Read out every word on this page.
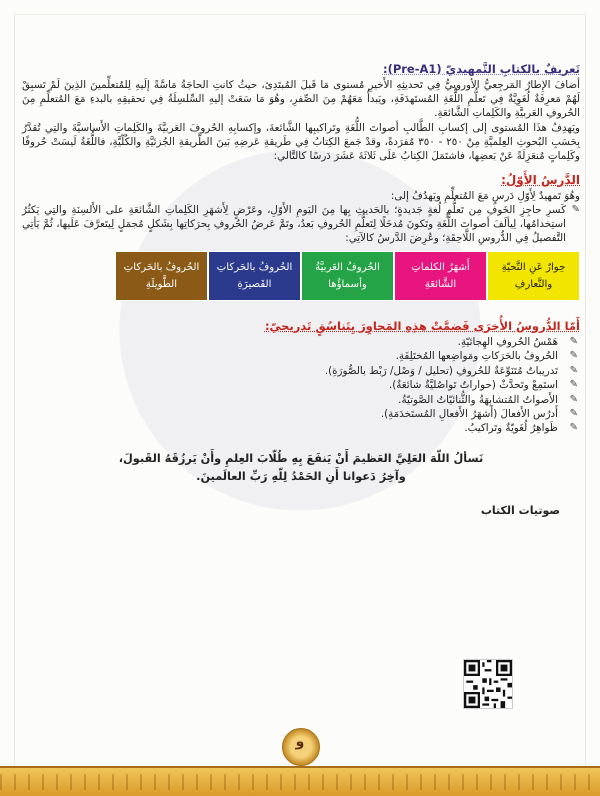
تَعريفٌ بالكتابِ التَّمهيديّ (Pre-A1):

أضافَ الإِطارُ المَرجِعيُّ الأوروبيُّ فِي تَحديثِهِ الأَخيرِ مُستوى مَا قَبلَ المُبتَدِئ، حيثُ كانتِ الحاجَةُ مَاسَّةً إلَيهِ لِلمُتعلِّمينَ الذِينَ لَمْ تَسبِقْ لَهُمْ مَعرِفَةٌ لُغَوِيَّةٌ فِي تَعلُّمِ اللُّغَةِ المُستَهدَفَةِ، ويَبدأُ مَعَهُمْ مِنَ الصِّفرِ، وهُوَ مَا سَعَتْ إليهِ السِّلسِلَةُ فِي تحقيقِهِ بالبدءِ مَعَ المُتعلِّمِ مِنَ الحُروفِ العَربيَّةِ والكَلِماتِ الشَّائعَةِ.

ويَهدِفُ هذَا المُستوى إلى إكسابِ الطَّالبِ أصواتَ اللُّغَةِ وتَراكيبِها الشَّائعةَ، وإكسابِهِ الحُروفَ العَربيَّةَ والكَلِماتِ الأَساسيَّةَ والتِي تُقدَّرُ بِحَسَبِ البُحوثِ العِلميَّةِ مِنْ ٢٥٠ - ٣٥٠ مُفرَدةً، وقدْ جَمعَ الكِتابُ فِي طَريقةِ عَرضِهِ بَينَ الطَّريقةِ الجُزئيَّةِ والكُلّيَّةِ، فاللُّغَةُ لَيسَتْ حُروفًا وكَلِماتٍ مُنعَزِلَةً عَنْ بَعضِها، فاشتَمَلَ الكِتابُ عَلَى ثَلاثَةَ عَشَرَ دَرسًا كالتَّالي:

الدَّرسُ الأَوّلُ:
وهُوَ تَمهيدٌ لِأَوّلِ دَرسٍ مَعَ المُتعلِّمِ ويَهدُفُ إلى:
✎
كَسرِ حاجِزِ الخَوفِ مِن تَعلُّمِ لُغةٍ جَديدةٍ؛ بالحَديثِ بِها مِنَ اليَومِ الأَوّلِ، وعَرْضٍ لِأَشهَرِ الكَلِماتِ الشَّائعَةِ على الأَلسِنَةِ والتِي يَكثُرُ استِخدامُها، لِيألَفَ أصواتَ اللُّغَةِ وتَكونَ مُدخَلًا لِتَعلُّمِ الحُروفِ بَعدُ، وتَمَّ عَرضُ الحُروفِ بِحرَكاتِها بِشَكلٍ مُجمَلٍ لِيتَعرَّفَ عَلَيها، ثُمَّ يَأتِي التَّفصيلُ فِي الدُّروسِ اللَّاحِقَةِ؛ وعُرِضَ الدَّرسُ كالآتِي:
حِوارٌ عَنِ التَّحيّةِ والتَّعارفِ
أَشهَرُ الكلماتِ الشَّائعَةِ
الحُروفُ العَربيَّةُ وأسماؤُها
الحُروفُ بالحَركاتِ القَصيرَةِ
الحُروفُ بالحَركاتِ الطَّويلَةِ
أَمّا الدُّروسُ الأُخرَى فَضمَّتْ هذِهِ المَحاوِرَ بِتَناسُقٍ تَدريجيّ:
✎
هَمْسُ الحُروفِ الهِجائيّةِ.
✎
الحُروفُ بالحَرَكاتِ ومَواضِعها المُختَلِفَةِ.
✎
تَدريباتٌ مُتَنَوِّعَةٌ للحُروفِ (تحليل / وَصْل/ رَبْط بالصُّورَةِ).
✎
استَمِعْ وتَحدَّثْ (حواراتٌ تَواصُليَّةٌ شائعَةٌ).
✎
الأَصواتُ المُتشابِهَةُ والثُّنائيّاتُ الصَّوتيّةُ.
✎
أَدرُس الأَفعالَ (أَشهَرُ الأَفعالِ المُستَخدَمَةِ).
✎
ظَواهِرُ لُغَويّةٌ وتَراكيبُ.
نَسألُ اللّهَ العَلِيَّ العَظيمَ أَنْ يَنفَعَ بِهِ طُلّابَ العِلمِ وأَنْ يَرزُقَهُ القَبولَ،
وآخِرُ دَعوانا أَنِ الحَمْدُ لِلّهِ رَبِّ العالَمينَ.
صوتيات الكتاب
و
